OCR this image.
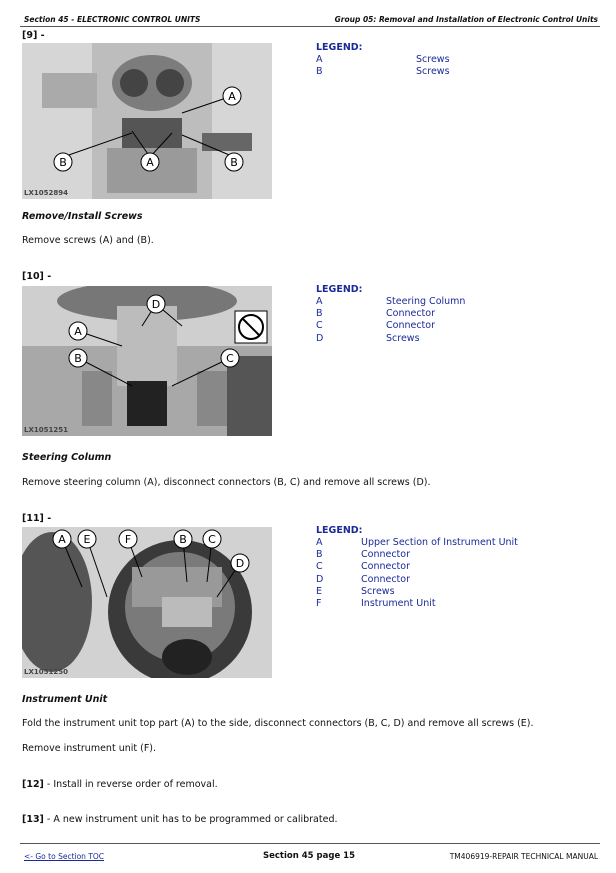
Section 45 - ELECTRONIC CONTROL UNITS	Group 05: Removal and Installation of Electronic Control Units
[9] -
A
B	A	B
LX1052894
LEGEND:
A	Screws
B	Screws
Remove/Install Screws
Remove screws (A) and (B).
[10] -
A
B	C
D
LX1051251
LEGEND:
A	Steering Column
B	Connector
C	Connector
D	Screws
Steering Column
Remove steering column (A), disconnect connectors (B, C) and remove all screws (D).
[11] -
A E	F	B C
D
LX1051250
LEGEND:
A	Upper Section of Instrument Unit
B	Connector
C	Connector
D	Connector
E	Screws
F	Instrument Unit
Instrument Unit
Fold the instrument unit top part (A) to the side, disconnect connectors (B, C, D) and remove all screws (E).
Remove instrument unit (F).
[12] - Install in reverse order of removal.
[13] - A new instrument unit has to be programmed or calibrated.
<- Go to Section TOC	Section 45 page 15	TM406919-REPAIR TECHNICAL MANUAL
